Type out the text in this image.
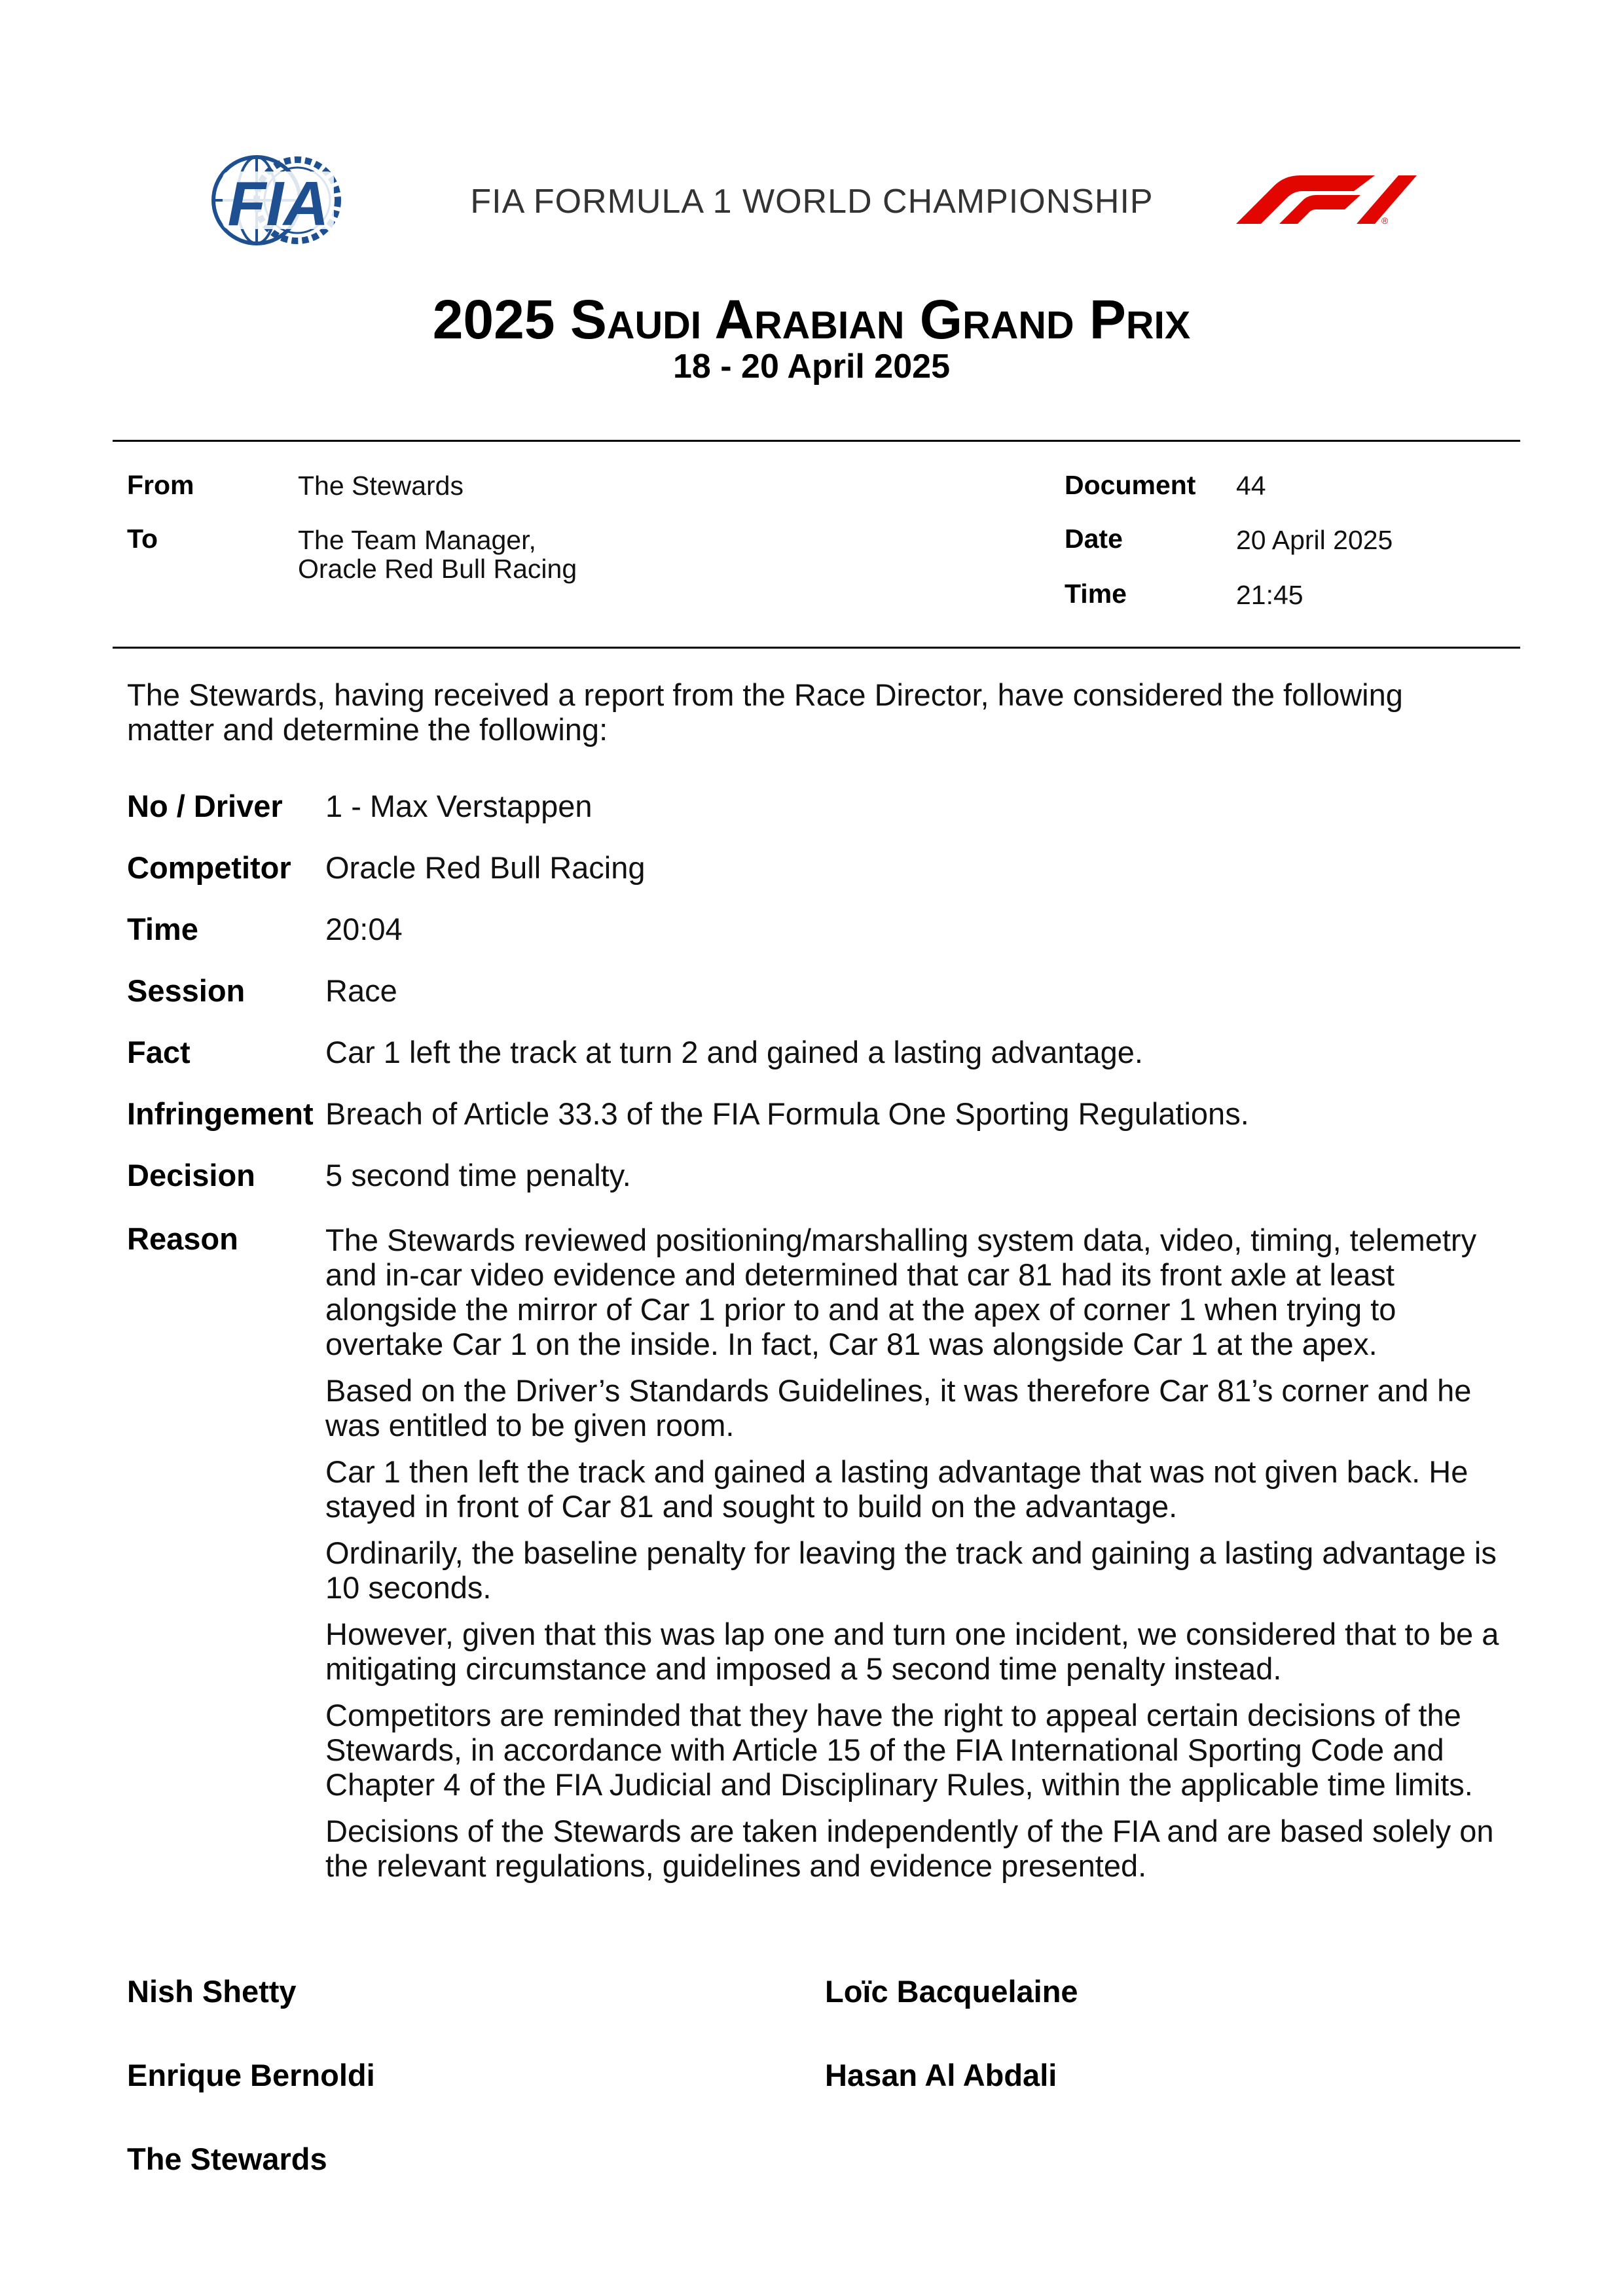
FIA	FIA FORMULA 1 WORLD CHAMPIONSHIP	®
2025 Saudi Arabian Grand Prix
18 - 20 April 2025
From	The Stewards
To	The Team Manager,
Oracle Red Bull Racing
Document 44
Date	20 April 2025
Time	21:45
The Stewards, having received a report from the Race Director, have considered the following matter and determine the following:
No / Driver 1 - Max Verstappen
Competitor Oracle Red Bull Racing
Time	20:04
Session	Race
Fact	Car 1 left the track at turn 2 and gained a lasting advantage.
Infringement Breach of Article 33.3 of the FIA Formula One Sporting Regulations.
Decision 5 second time penalty.
Reason	The Stewards reviewed positioning/marshalling system data, video, timing, telemetry and in-car video evidence and determined that car 81 had its front axle at least alongside the mirror of Car 1 prior to and at the apex of corner 1 when trying to overtake Car 1 on the inside. In fact, Car 81 was alongside Car 1 at the apex.

Based on the Driver’s Standards Guidelines, it was therefore Car 81’s corner and he was entitled to be given room.

Car 1 then left the track and gained a lasting advantage that was not given back. He stayed in front of Car 81 and sought to build on the advantage.

Ordinarily, the baseline penalty for leaving the track and gaining a lasting advantage is 10 seconds.

However, given that this was lap one and turn one incident, we considered that to be a mitigating circumstance and imposed a 5 second time penalty instead.

Competitors are reminded that they have the right to appeal certain decisions of the Stewards, in accordance with Article 15 of the FIA International Sporting Code and Chapter 4 of the FIA Judicial and Disciplinary Rules, within the applicable time limits.

Decisions of the Stewards are taken independently of the FIA and are based solely on the relevant regulations, guidelines and evidence presented.

Nish Shetty	Loïc Bacquelaine
Enrique Bernoldi	Hasan Al Abdali
The Stewards
